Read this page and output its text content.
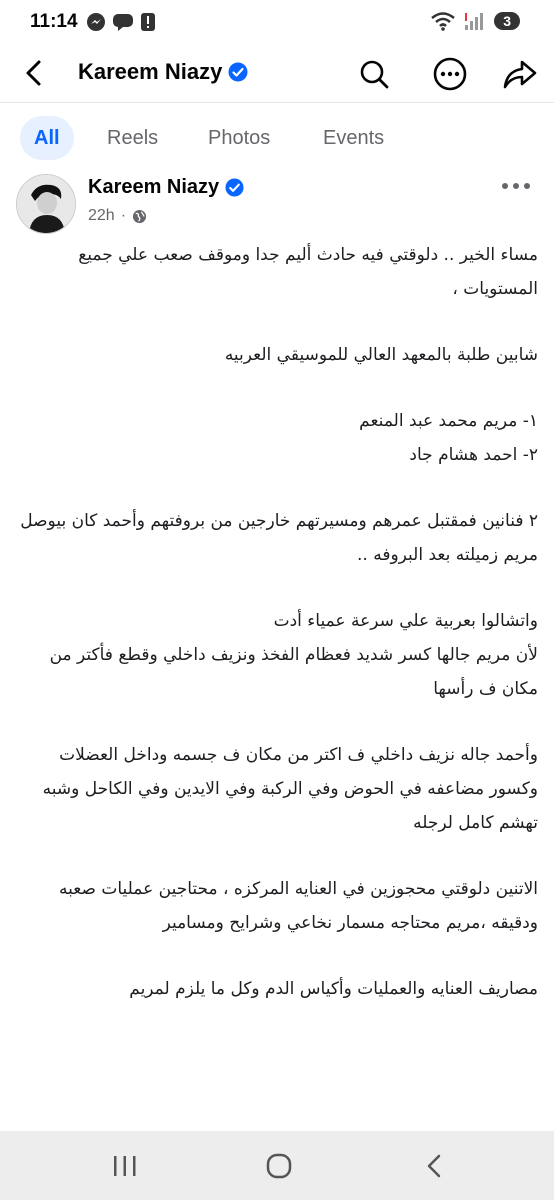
11:14	3
Kareem Niazy
All	Reels Photos	Events
Kareem Niazy
22h ·

مساء الخير .. دلوقتي فيه حادث أليم جدا وموقف صعب علي جميع المستويات ،

شابين طلبة بالمعهد العالي للموسيقي العربيه

١- مريم محمد عبد المنعم
٢- احمد هشام جاد

٢ فنانين فمقتبل عمرهم ومسيرتهم خارجين من بروفتهم وأحمد كان بيوصل مريم زميلته بعد البروفه ..

واتشالوا بعربية علي سرعة عمياء أدت
لأن مريم جالها كسر شديد فعظام الفخذ ونزيف داخلي وقطع فأكتر من مكان ف رأسها

وأحمد جاله نزيف داخلي ف اكتر من مكان ف جسمه وداخل العضلات وكسور مضاعفه في الحوض وفي الركبة وفي الايدين وفي الكاحل وشبه تهشم كامل لرجله

الاتنين دلوقتي محجوزين في العنايه المركزه ، محتاجين عمليات صعبه ودقيقه ،مريم محتاجه مسمار نخاعي وشرايح ومسامير

مصاريف العنايه والعمليات وأكياس الدم وكل ما يلزم لمريم
